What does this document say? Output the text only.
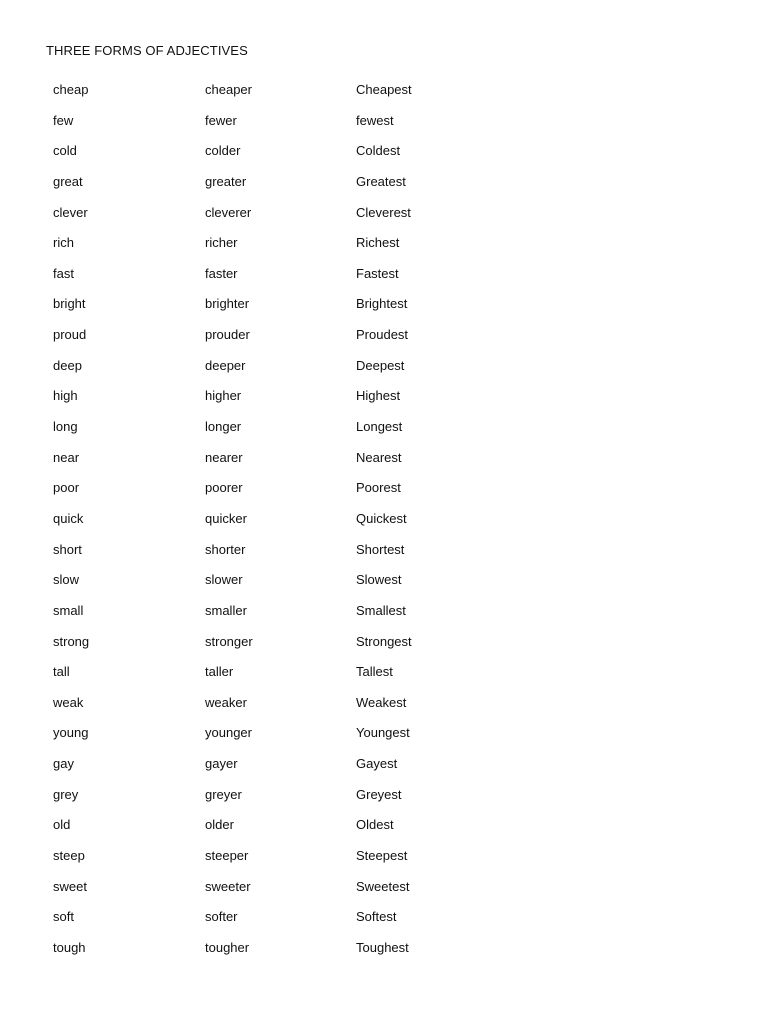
THREE FORMS OF ADJECTIVES
cheap	cheaper	Cheapest
few	fewer	fewest
cold	colder	Coldest
great	greater	Greatest
clever	cleverer	Cleverest
rich	richer	Richest
fast	faster	Fastest
bright	brighter	Brightest
proud	prouder	Proudest
deep	deeper	Deepest
high	higher	Highest
long	longer	Longest
near	nearer	Nearest
poor	poorer	Poorest
quick	quicker	Quickest
short	shorter	Shortest
slow	slower	Slowest
small	smaller	Smallest
strong	stronger	Strongest
tall	taller	Tallest
weak	weaker	Weakest
young	younger	Youngest
gay	gayer	Gayest
grey	greyer	Greyest
old	older	Oldest
steep	steeper	Steepest
sweet	sweeter	Sweetest
soft	softer	Softest
tough	tougher	Toughest
